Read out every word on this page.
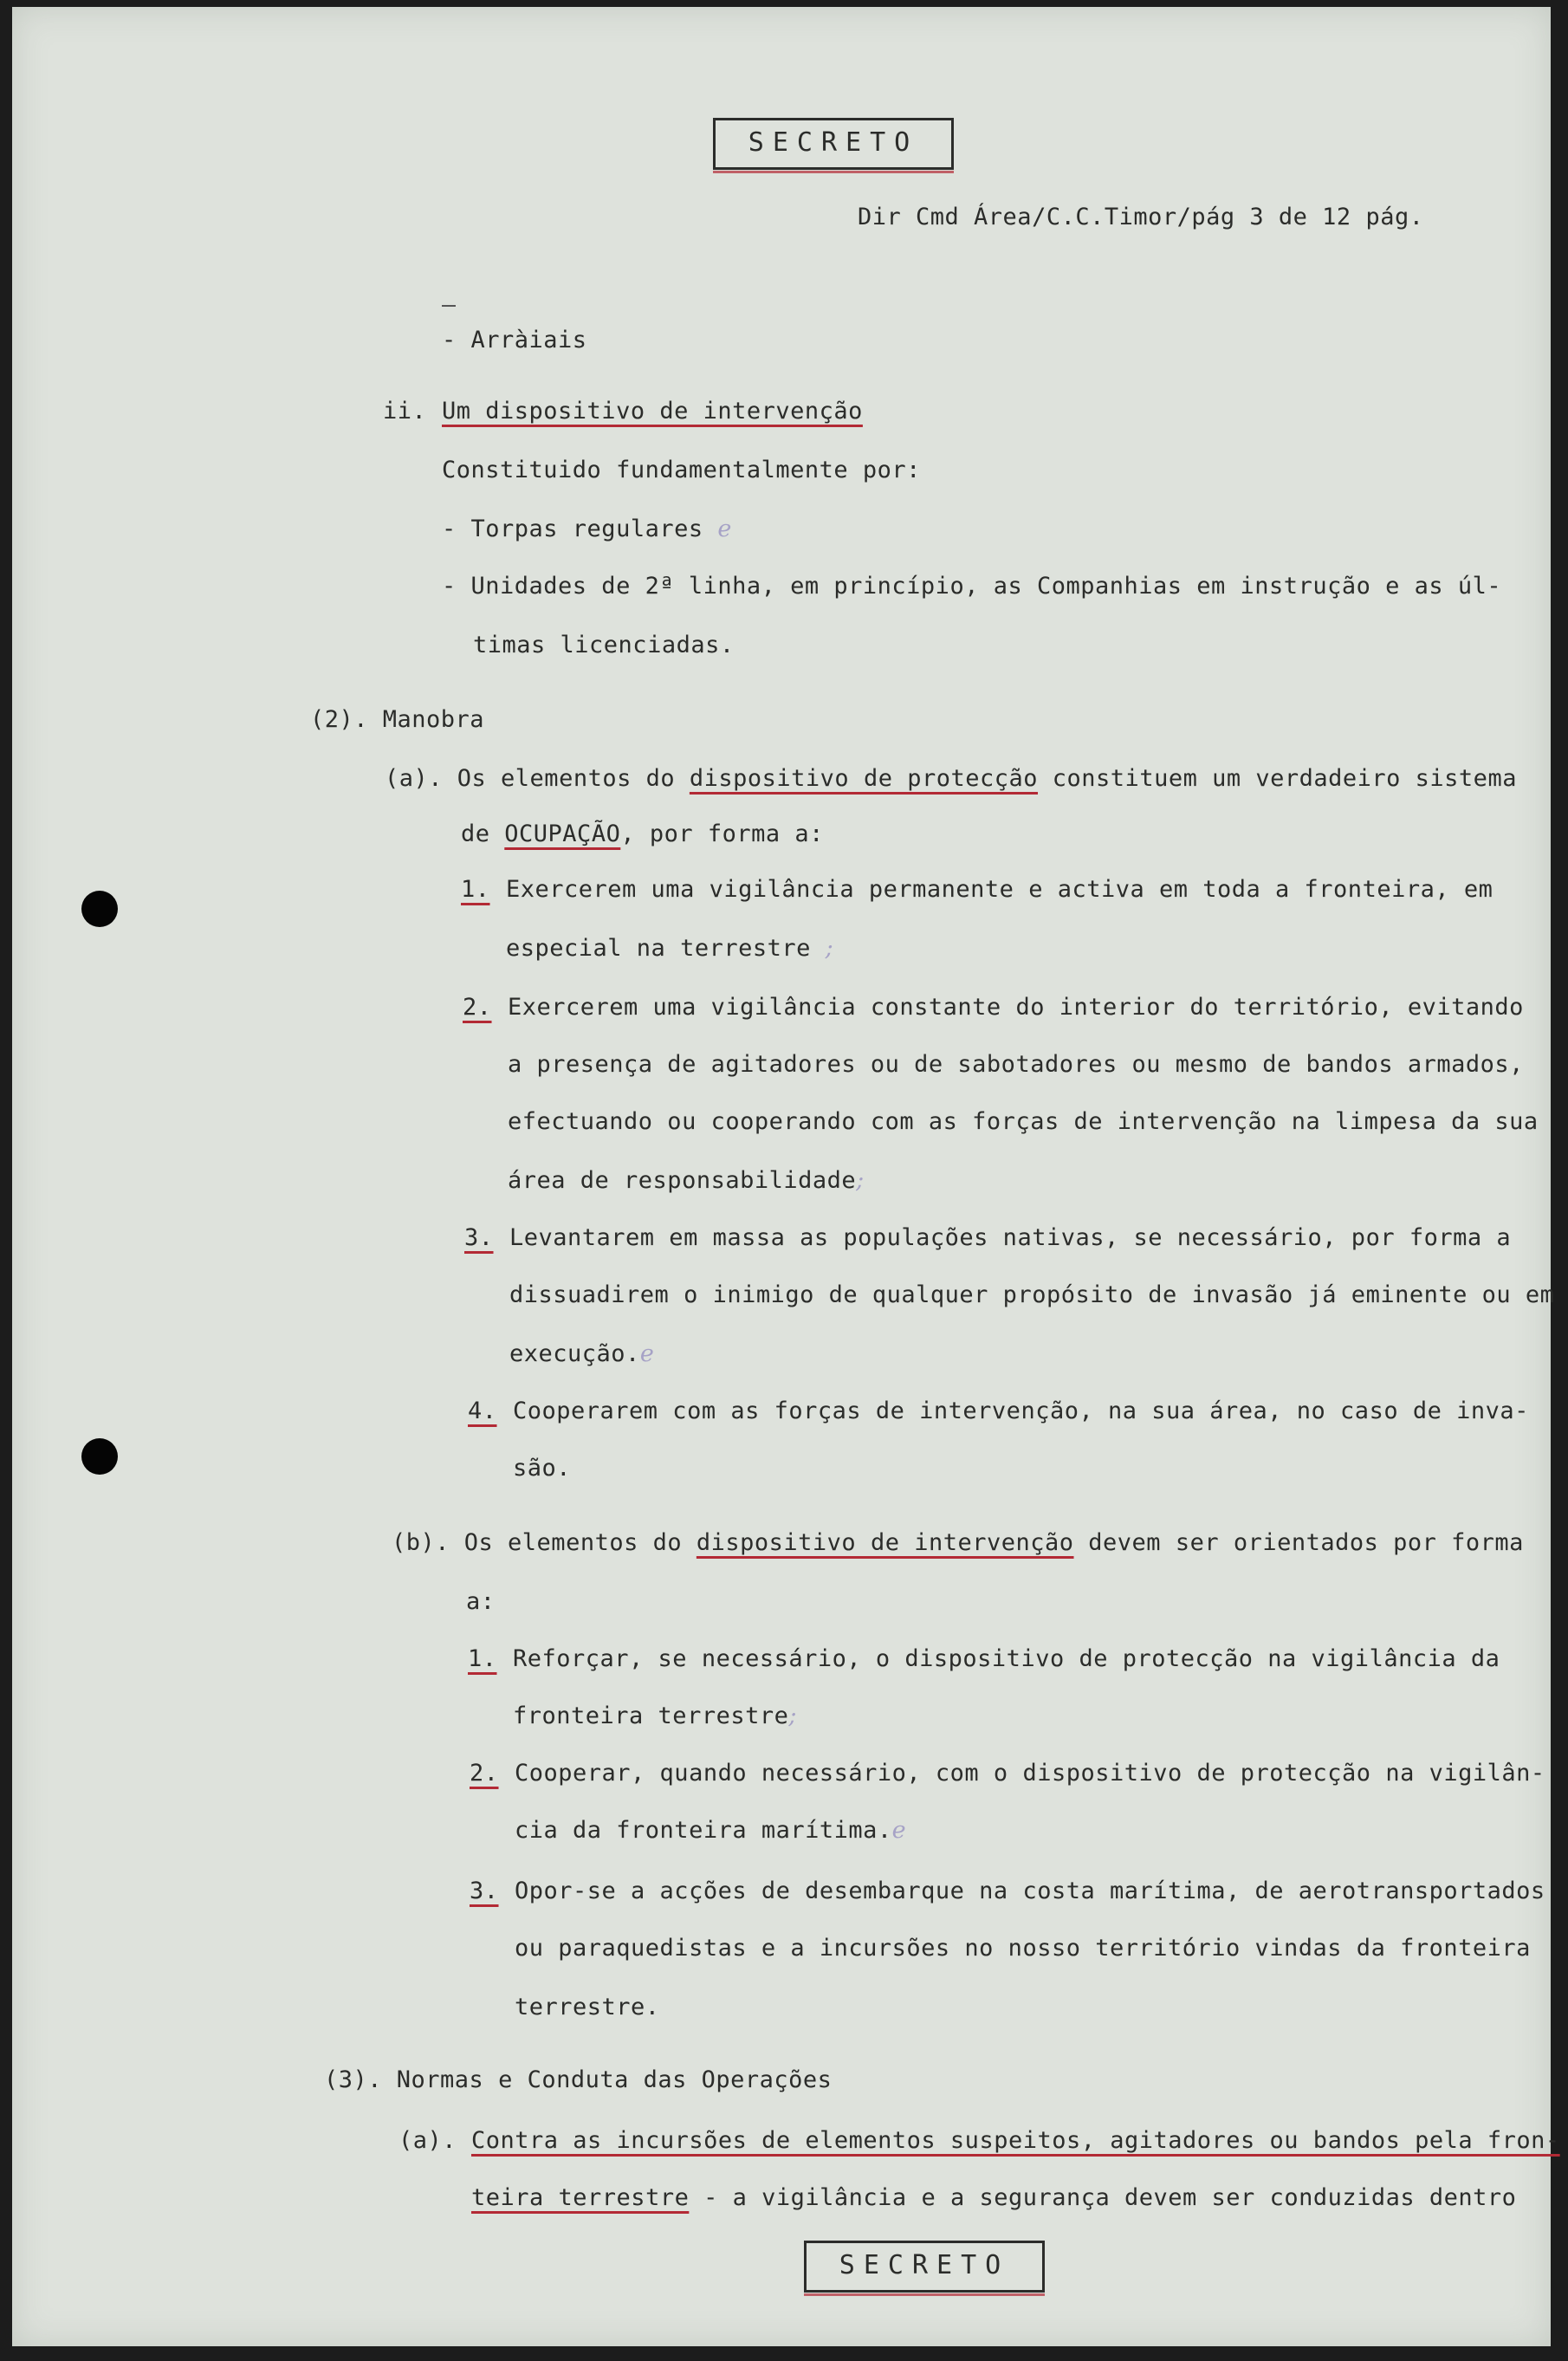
SECRETO
Dir Cmd Área/C.C.Timor/pág 3 de 12 pág.
- Arràiais
ii. Um dispositivo de intervenção
Constituido fundamentalmente por:
- Torpas regulares e
- Unidades de 2ª linha, em princípio, as Companhias em instrução e as úl-
timas licenciadas.
(2). Manobra
(a). Os elementos do dispositivo de protecção constituem um verdadeiro sistema
de OCUPAÇÃO, por forma a:
1. Exercerem uma vigilância permanente e activa em toda a fronteira, em
especial na terrestre ;
2. Exercerem uma vigilância constante do interior do território, evitando
a presença de agitadores ou de sabotadores ou mesmo de bandos armados,
efectuando ou cooperando com as forças de intervenção na limpesa da sua
área de responsabilidade;
3. Levantarem em massa as populações nativas, se necessário, por forma a
dissuadirem o inimigo de qualquer propósito de invasão já eminente ou em
execução.e
4. Cooperarem com as forças de intervenção, na sua área, no caso de inva-
são.
(b). Os elementos do dispositivo de intervenção devem ser orientados por forma
a:
1. Reforçar, se necessário, o dispositivo de protecção na vigilância da
fronteira terrestre;
2. Cooperar, quando necessário, com o dispositivo de protecção na vigilân-
cia da fronteira marítima.e
3. Opor-se a acções de desembarque na costa marítima, de aerotransportados
ou paraquedistas e a incursões no nosso território vindas da fronteira
terrestre.
(3). Normas e Conduta das Operações
(a). Contra as incursões de elementos suspeitos, agitadores ou bandos pela fron-
teira terrestre - a vigilância e a segurança devem ser conduzidas dentro
SECRETO
